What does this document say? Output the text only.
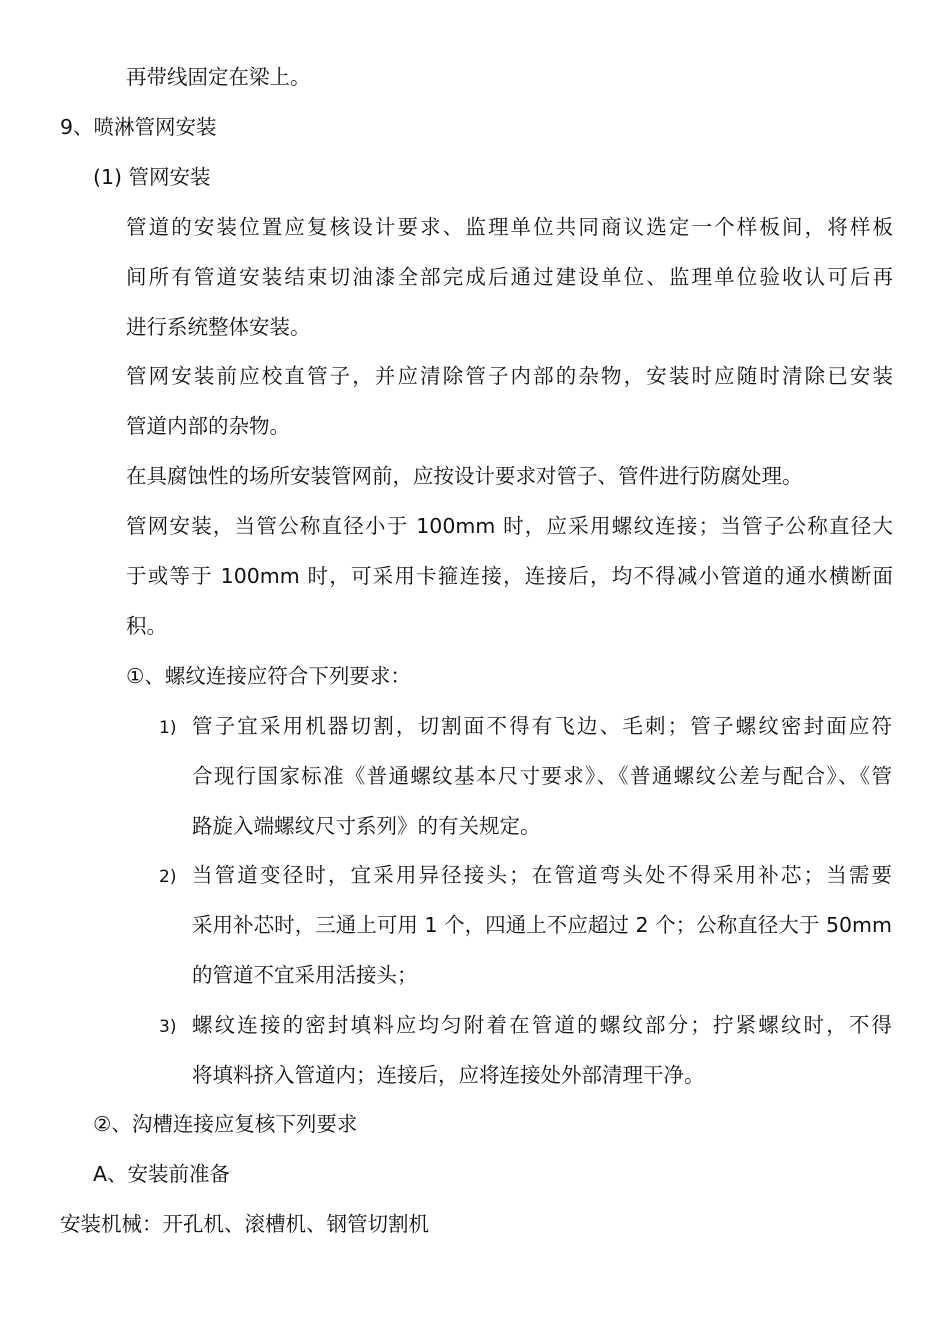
再带线固定在梁上。
9、喷淋管网安装
(1) 管网安装
管道的安装位置应复核设计要求、监理单位共同商议选定一个样板间，将样板
间所有管道安装结束切油漆全部完成后通过建设单位、监理单位验收认可后再
进行系统整体安装。
管网安装前应校直管子，并应清除管子内部的杂物，安装时应随时清除已安装
管道内部的杂物。
在具腐蚀性的场所安装管网前，应按设计要求对管子、管件进行防腐处理。
管网安装，当管公称直径小于 100mm 时，应采用螺纹连接；当管子公称直径大
于或等于 100mm 时，可采用卡箍连接，连接后，均不得减小管道的通水横断面
积。
①、螺纹连接应符合下列要求：
1) 管子宜采用机器切割，切割面不得有飞边、毛刺；管子螺纹密封面应符
合现行国家标准《普通螺纹基本尺寸要求》、《普通螺纹公差与配合》、《管
路旋入端螺纹尺寸系列》的有关规定。
2) 当管道变径时，宜采用异径接头；在管道弯头处不得采用补芯；当需要
采用补芯时，三通上可用 1 个，四通上不应超过 2 个；公称直径大于 50mm
的管道不宜采用活接头；
3) 螺纹连接的密封填料应均匀附着在管道的螺纹部分；拧紧螺纹时，不得
将填料挤入管道内；连接后，应将连接处外部清理干净。
②、沟槽连接应复核下列要求
A、安装前准备
安装机械：开孔机、滚槽机、钢管切割机
